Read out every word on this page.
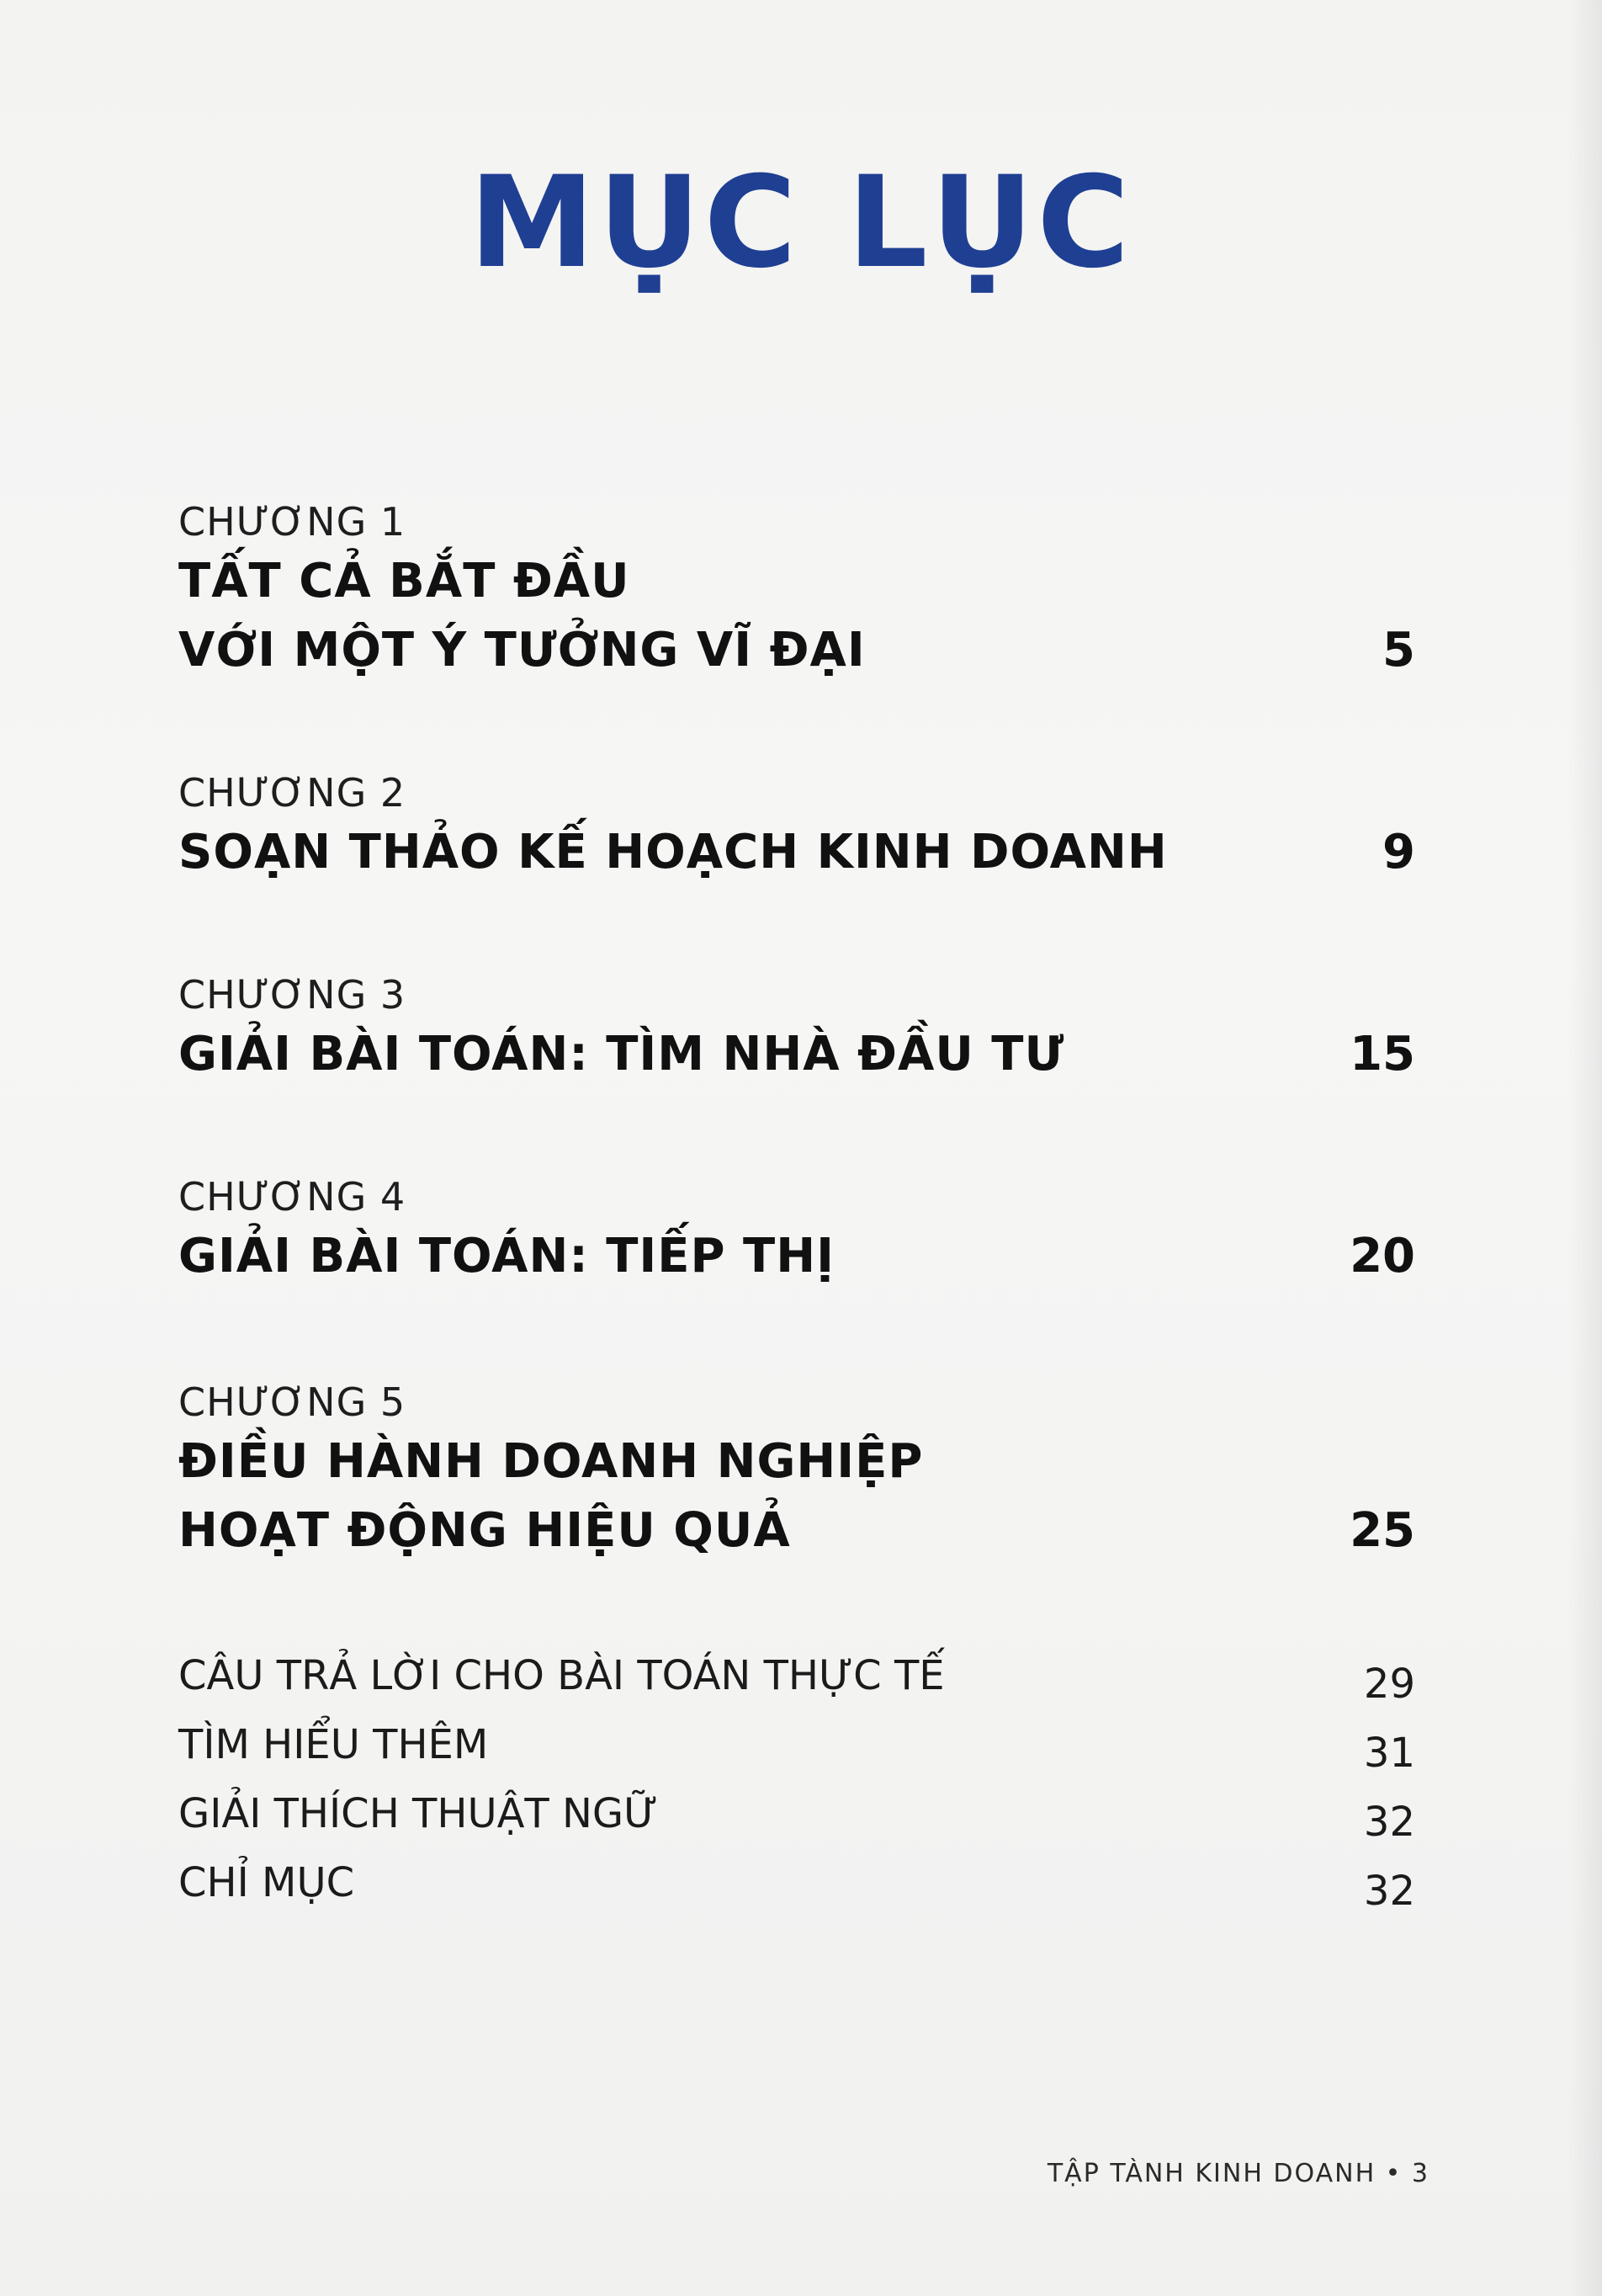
MỤC LỤC
CHƯƠNG 1
TẤT CẢ BẮT ĐẦU
VỚI MỘT Ý TƯỞNG VĨ ĐẠI	5
CHƯƠNG 2
SOẠN THẢO KẾ HOẠCH KINH DOANH	9
CHƯƠNG 3
GIẢI BÀI TOÁN: TÌM NHÀ ĐẦU TƯ	15
CHƯƠNG 4
GIẢI BÀI TOÁN: TIẾP THỊ	20
CHƯƠNG 5
ĐIỀU HÀNH DOANH NGHIỆP
HOẠT ĐỘNG HIỆU QUẢ	25
CÂU TRẢ LỜI CHO BÀI TOÁN THỰC TẾ	29
TÌM HIỂU THÊM	31
GIẢI THÍCH THUẬT NGỮ	32
CHỈ MỤC	32
TẬP TÀNH KINH DOANH • 3
